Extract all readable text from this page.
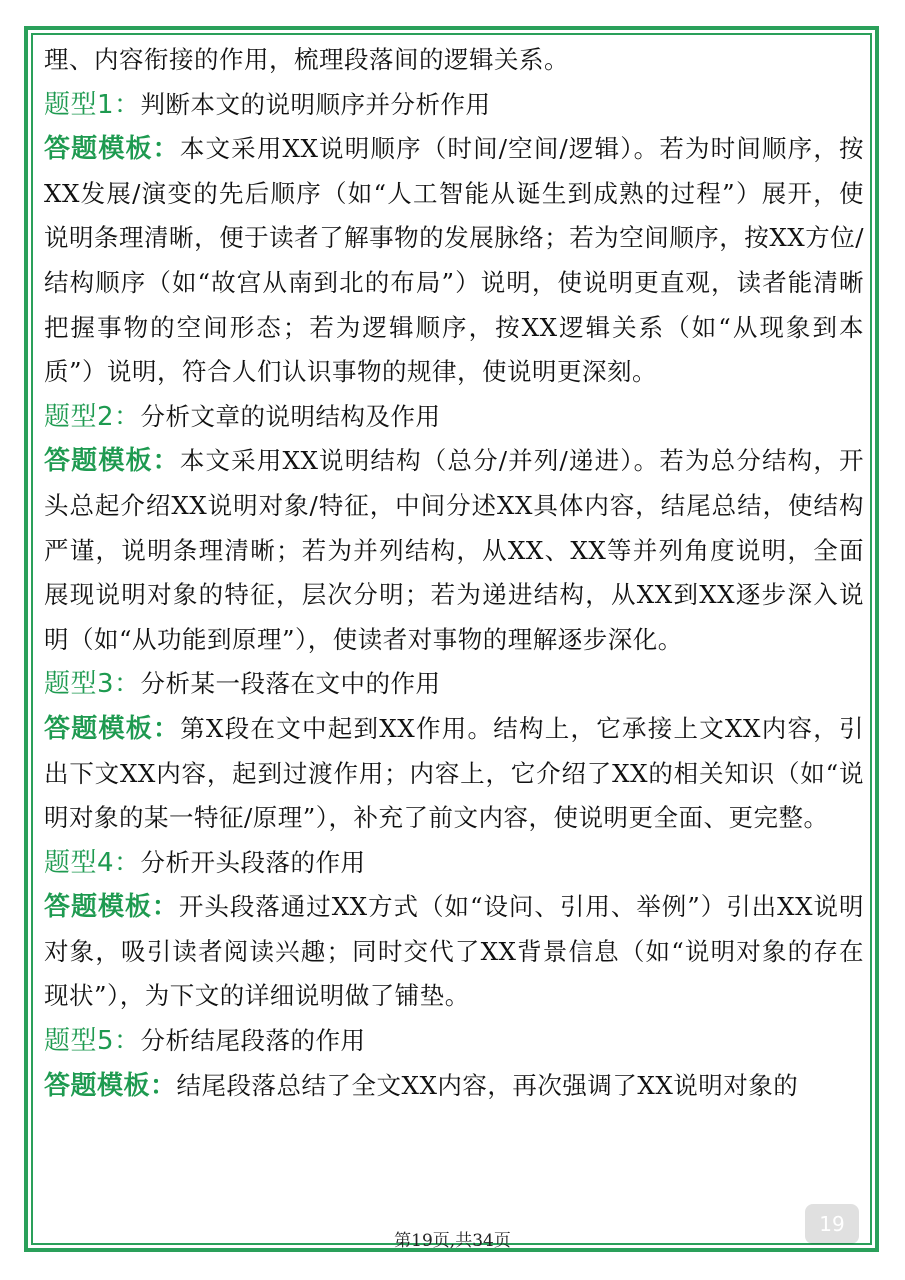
理、内容衔接的作用，梳理段落间的逻辑关系。

题型1：判断本文的说明顺序并分析作用

答题模板：本文采用XX说明顺序（时间/空间/逻辑）。若为时间顺序，按XX发展/演变的先后顺序（如“人工智能从诞生到成熟的过程”）展开，使说明条理清晰，便于读者了解事物的发展脉络；若为空间顺序，按XX方位/结构顺序（如“故宫从南到北的布局”）说明，使说明更直观，读者能清晰把握事物的空间形态；若为逻辑顺序，按XX逻辑关系（如“从现象到本质”）说明，符合人们认识事物的规律，使说明更深刻。

题型2：分析文章的说明结构及作用

答题模板：本文采用XX说明结构（总分/并列/递进）。若为总分结构，开头总起介绍XX说明对象/特征，中间分述XX具体内容，结尾总结，使结构严谨，说明条理清晰；若为并列结构，从XX、XX等并列角度说明，全面展现说明对象的特征，层次分明；若为递进结构，从XX到XX逐步深入说明（如“从功能到原理”），使读者对事物的理解逐步深化。

题型3：分析某一段落在文中的作用

答题模板：第X段在文中起到XX作用。结构上，它承接上文XX内容，引出下文XX内容，起到过渡作用；内容上，它介绍了XX的相关知识（如“说明对象的某一特征/原理”），补充了前文内容，使说明更全面、更完整。

题型4：分析开头段落的作用

答题模板：开头段落通过XX方式（如“设问、引用、举例”）引出XX说明对象，吸引读者阅读兴趣；同时交代了XX背景信息（如“说明对象的存在现状”），为下文的详细说明做了铺垫。

题型5：分析结尾段落的作用

答题模板：结尾段落总结了全文XX内容，再次强调了XX说明对象的

第19页,共34页
19
